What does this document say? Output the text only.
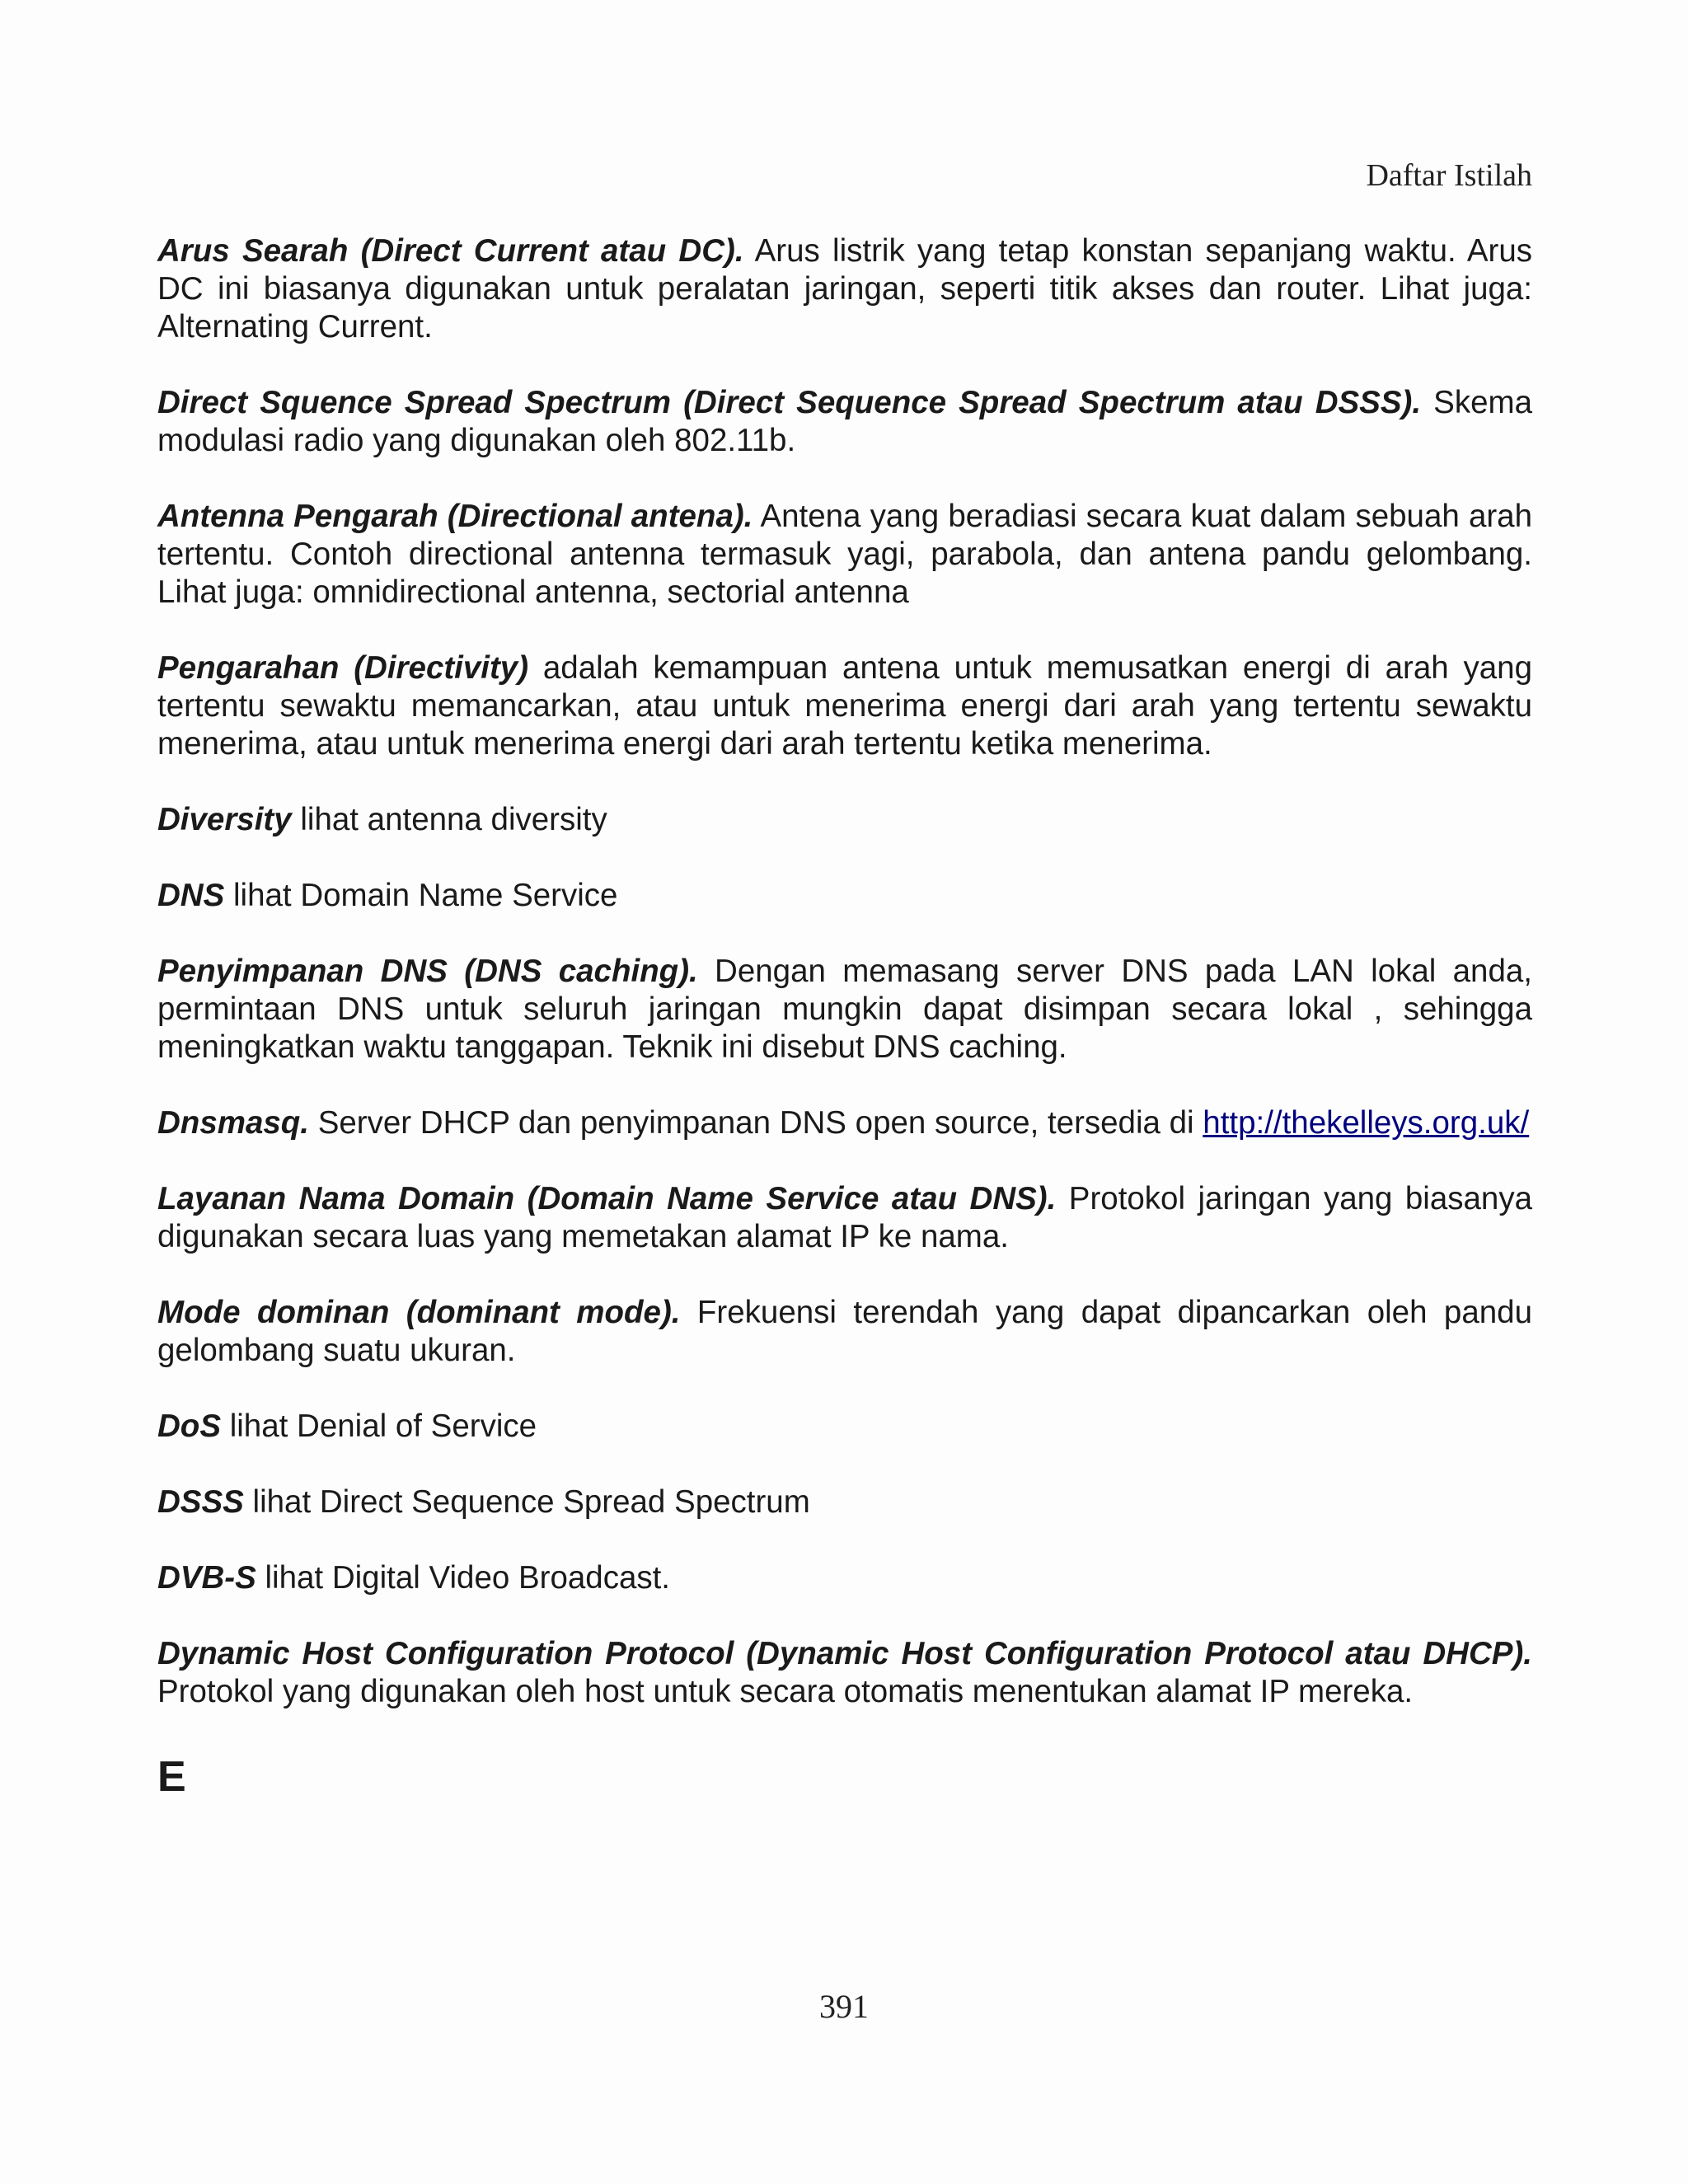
Daftar Istilah

Arus Searah (Direct Current atau DC). Arus listrik yang tetap konstan sepanjang waktu. Arus DC ini biasanya digunakan untuk peralatan jaringan, seperti titik akses dan router. Lihat juga: Alternating Current.

Direct Squence Spread Spectrum (Direct Sequence Spread Spectrum atau DSSS). Skema modulasi radio yang digunakan oleh 802.11b.

Antenna Pengarah (Directional antena). Antena yang beradiasi secara kuat dalam sebuah arah tertentu. Contoh directional antenna termasuk yagi, parabola, dan antena pandu gelombang. Lihat juga: omnidirectional antenna, sectorial antenna

Pengarahan (Directivity) adalah kemampuan antena untuk memusatkan energi di arah yang tertentu sewaktu memancarkan, atau untuk menerima energi dari arah yang tertentu sewaktu menerima, atau untuk menerima energi dari arah tertentu ketika menerima.

Diversity lihat antenna diversity

DNS lihat Domain Name Service

Penyimpanan DNS (DNS caching). Dengan memasang server DNS pada LAN lokal anda, permintaan DNS untuk seluruh jaringan mungkin dapat disimpan secara lokal , sehingga meningkatkan waktu tanggapan. Teknik ini disebut DNS caching.

Dnsmasq. Server DHCP dan penyimpanan DNS open source, tersedia di http://thekelleys.org.uk/

Layanan Nama Domain (Domain Name Service atau DNS). Protokol jaringan yang biasanya digunakan secara luas yang memetakan alamat IP ke nama.

Mode dominan (dominant mode). Frekuensi terendah yang dapat dipancarkan oleh pandu gelombang suatu ukuran.

DoS lihat Denial of Service

DSSS lihat Direct Sequence Spread Spectrum

DVB-S lihat Digital Video Broadcast.

Dynamic Host Configuration Protocol (Dynamic Host Configuration Protocol atau DHCP). Protokol yang digunakan oleh host untuk secara otomatis menentukan alamat IP mereka.

E
391
